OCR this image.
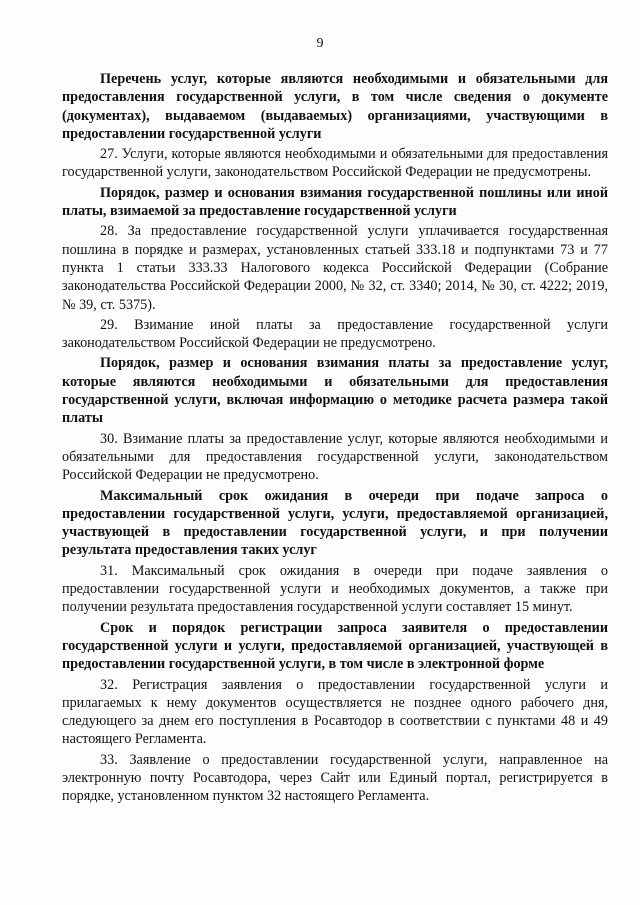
9

Перечень услуг, которые являются необходимыми и обязательными для предоставления государственной услуги, в том числе сведения о документе (документах), выдаваемом (выдаваемых) организациями, участвующими в предоставлении государственной услуги

27. Услуги, которые являются необходимыми и обязательными для предоставления государственной услуги, законодательством Российской Федерации не предусмотрены.

Порядок, размер и основания взимания государственной пошлины или иной платы, взимаемой за предоставление государственной услуги

28. За предоставление государственной услуги уплачивается государственная пошлина в порядке и размерах, установленных статьей 333.18 и подпунктами 73 и 77 пункта 1 статьи 333.33 Налогового кодекса Российской Федерации (Собрание законодательства Российской Федерации 2000, № 32, ст. 3340; 2014, № 30, ст. 4222; 2019, № 39, ст. 5375).

29. Взимание иной платы за предоставление государственной услуги законодательством Российской Федерации не предусмотрено.

Порядок, размер и основания взимания платы за предоставление услуг, которые являются необходимыми и обязательными для предоставления государственной услуги, включая информацию о методике расчета размера такой платы

30. Взимание платы за предоставление услуг, которые являются необходимыми и обязательными для предоставления государственной услуги, законодательством Российской Федерации не предусмотрено.

Максимальный срок ожидания в очереди при подаче запроса о предоставлении государственной услуги, услуги, предоставляемой организацией, участвующей в предоставлении государственной услуги, и при получении результата предоставления таких услуг

31. Максимальный срок ожидания в очереди при подаче заявления о предоставлении государственной услуги и необходимых документов, а также при получении результата предоставления государственной услуги составляет 15 минут.

Срок и порядок регистрации запроса заявителя о предоставлении государственной услуги и услуги, предоставляемой организацией, участвующей в предоставлении государственной услуги, в том числе в электронной форме

32. Регистрация заявления о предоставлении государственной услуги и прилагаемых к нему документов осуществляется не позднее одного рабочего дня, следующего за днем его поступления в Росавтодор в соответствии с пунктами 48 и 49 настоящего Регламента.

33. Заявление о предоставлении государственной услуги, направленное на электронную почту Росавтодора, через Сайт или Единый портал, регистрируется в порядке, установленном пунктом 32 настоящего Регламента.
